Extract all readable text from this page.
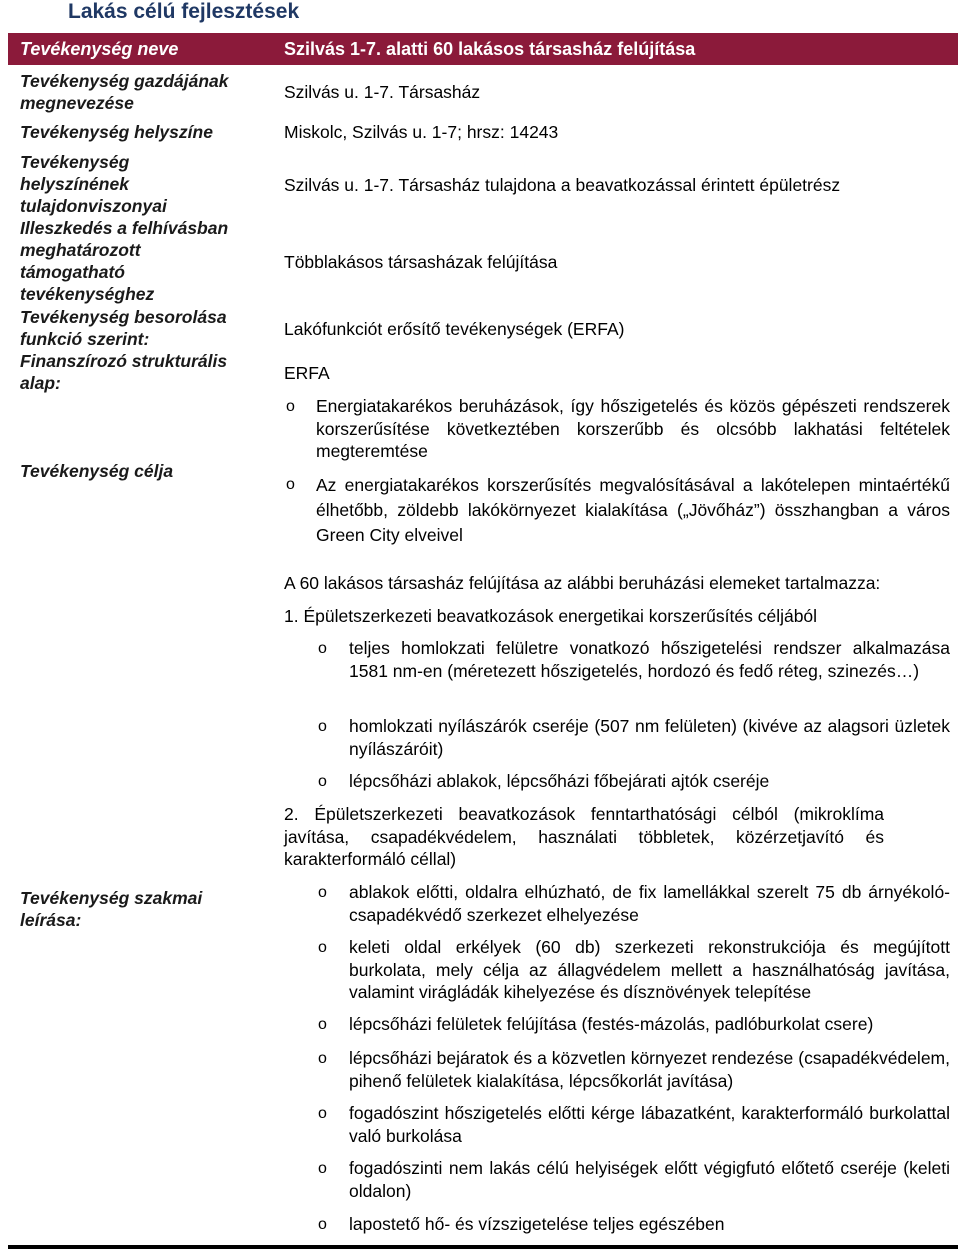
Lakás célú fejlesztések
Tevékenység neve	Szilvás 1-7. alatti 60 lakásos társasház felújítása
Tevékenység gazdájának
megnevezése
Tevékenység helyszíne
Tevékenység
helyszínének
tulajdonviszonyai
Illeszkedés a felhívásban
meghatározott
támogatható
tevékenységhez
Tevékenység besorolása
funkció szerint:
Finanszírozó strukturális
alap:
Tevékenység célja
Tevékenység szakmai
leírása:
Szilvás u. 1-7. Társasház
Miskolc, Szilvás u. 1-7; hrsz: 14243
Szilvás u. 1-7. Társasház tulajdona a beavatkozással érintett épületrész
Többlakásos társasházak felújítása
Lakófunkciót erősítő tevékenységek (ERFA)
ERFA
o Energiatakarékos beruházások, így hőszigetelés és közös gépészeti rendszerek korszerűsítése következtében korszerűbb és olcsóbb lakhatási feltételek megteremtése
o Az energiatakarékos korszerűsítés megvalósításával a lakótelepen mintaértékű élhetőbb, zöldebb lakókörnyezet kialakítása („Jövőház”) összhangban a város Green City elveivel
A 60 lakásos társasház felújítása az alábbi beruházási elemeket tartalmazza:
1. Épületszerkezeti beavatkozások energetikai korszerűsítés céljából
o teljes homlokzati felületre vonatkozó hőszigetelési rendszer alkalmazása 1581 nm-en (méretezett hőszigetelés, hordozó és fedő réteg, szinezés…)
o homlokzati nyílászárók cseréje (507 nm felületen) (kivéve az alagsori üzletek nyílászáróit)
o lépcsőházi ablakok, lépcsőházi főbejárati ajtók cseréje
2. Épületszerkezeti beavatkozások fenntarthatósági célból (mikroklíma javítása, csapadékvédelem, használati többletek, közérzetjavító és karakterformáló céllal)
o ablakok előtti, oldalra elhúzható, de fix lamellákkal szerelt 75 db árnyékoló-csapadékvédő szerkezet elhelyezése
o keleti oldal erkélyek (60 db) szerkezeti rekonstrukciója és megújított burkolata, mely célja az állagvédelem mellett a használhatóság javítása, valamint virágládák kihelyezése és dísznövények telepítése
o lépcsőházi felületek felújítása (festés-mázolás, padlóburkolat csere)
o lépcsőházi bejáratok és a közvetlen környezet rendezése (csapadékvédelem, pihenő felületek kialakítása, lépcsőkorlát javítása)
o fogadószint hőszigetelés előtti kérge lábazatként, karakterformáló burkolattal való burkolása
o fogadószinti nem lakás célú helyiségek előtt végigfutó előtető cseréje (keleti oldalon)
o lapostető hő- és vízszigetelése teljes egészében
